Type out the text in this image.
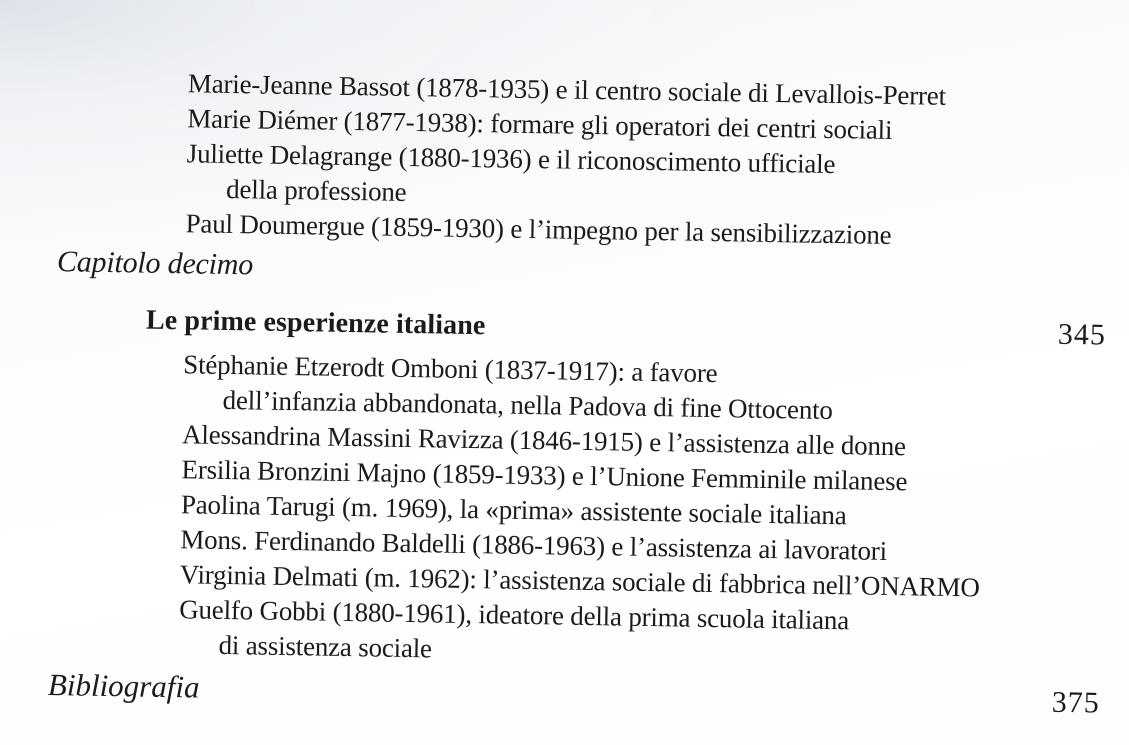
Marie-Jeanne Bassot (1878-1935) e il centro sociale di Levallois-Perret
Marie Diémer (1877-1938): formare gli operatori dei centri sociali
Juliette Delagrange (1880-1936) e il riconoscimento ufficiale
della professione
Paul Doumergue (1859-1930) e l’impegno per la sensibilizzazione
Capitolo decimo
Le prime esperienze italiane	345
Stéphanie Etzerodt Omboni (1837-1917): a favore
dell’infanzia abbandonata, nella Padova di fine Ottocento
Alessandrina Massini Ravizza (1846-1915) e l’assistenza alle donne
Ersilia Bronzini Majno (1859-1933) e l’Unione Femminile milanese
Paolina Tarugi (m. 1969), la «prima» assistente sociale italiana
Mons. Ferdinando Baldelli (1886-1963) e l’assistenza ai lavoratori
Virginia Delmati (m. 1962): l’assistenza sociale di fabbrica nell’ONARMO
Guelfo Gobbi (1880-1961), ideatore della prima scuola italiana
di assistenza sociale
Bibliografia	375
